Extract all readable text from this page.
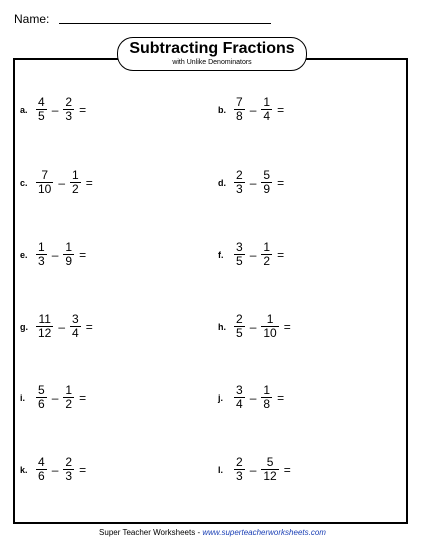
Name:
Subtracting Fractions
with Unlike Denominators
a. $\frac{4}{5} - \frac{2}{3}$ =	b. $\frac{7}{8} - \frac{1}{4}$ =
c. $\frac{7}{10} - \frac{1}{2}$ =	d. $\frac{2}{3} - \frac{5}{9}$ =
e. $\frac{1}{3} - \frac{1}{9}$ =	f. $\frac{3}{5} - \frac{1}{2}$ =
g. $\frac{11}{12} - \frac{3}{4}$ =	h. $\frac{2}{5} - \frac{1}{10}$ =
i. $\frac{5}{6} - \frac{1}{2}$ =	j. $\frac{3}{4} - \frac{1}{8}$ =
k. $\frac{4}{6} - \frac{2}{3}$ =	l. $\frac{2}{3} - \frac{5}{12}$ =
Super Teacher Worksheets - www.superteacherworksheets.com
